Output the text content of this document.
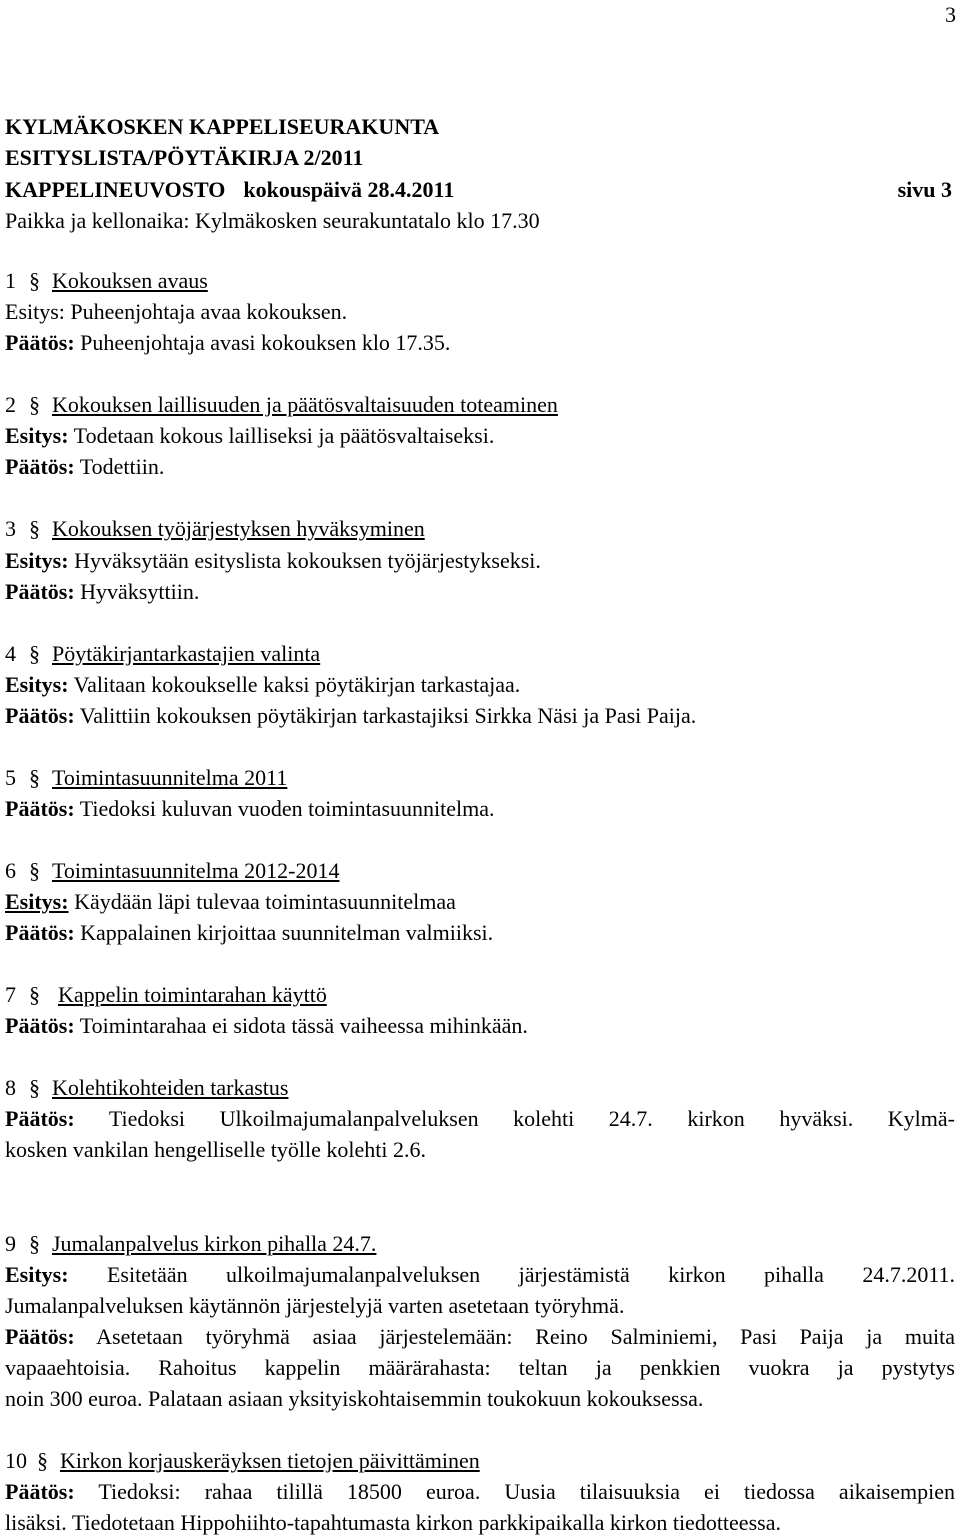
3
KYLMÄKOSKEN KAPPELISEURAKUNTA
ESITYSLISTA/PÖYTÄKIRJA 2/2011
KAPPELINEUVOSTO kokouspäivä 28.4.2011	sivu 3
Paikka ja kellonaika: Kylmäkosken seurakuntatalo klo 17.30
1 § Kokouksen avaus
Esitys: Puheenjohtaja avaa kokouksen.
Päätös: Puheenjohtaja avasi kokouksen klo 17.35.
2 § Kokouksen laillisuuden ja päätösvaltaisuuden toteaminen
Esitys: Todetaan kokous lailliseksi ja päätösvaltaiseksi.
Päätös: Todettiin.
3 § Kokouksen työjärjestyksen hyväksyminen
Esitys: Hyväksytään esityslista kokouksen työjärjestykseksi.
Päätös: Hyväksyttiin.
4 § Pöytäkirjantarkastajien valinta
Esitys: Valitaan kokoukselle kaksi pöytäkirjan tarkastajaa.
Päätös: Valittiin kokouksen pöytäkirjan tarkastajiksi Sirkka Näsi ja Pasi Paija.
5 § Toimintasuunnitelma 2011
Päätös: Tiedoksi kuluvan vuoden toimintasuunnitelma.
6 § Toimintasuunnitelma 2012-2014
Esitys: Käydään läpi tulevaa toimintasuunnitelmaa
Päätös: Kappalainen kirjoittaa suunnitelman valmiiksi.
7 § Kappelin toimintarahan käyttö
Päätös: Toimintarahaa ei sidota tässä vaiheessa mihinkään.
8 § Kolehtikohteiden tarkastus
Päätös: Tiedoksi Ulkoilmajumalanpalveluksen kolehti 24.7. kirkon hyväksi. Kylmä-
kosken vankilan hengelliselle työlle kolehti 2.6.
9 § Jumalanpalvelus kirkon pihalla 24.7.
Esitys: Esitetään ulkoilmajumalanpalveluksen järjestämistä kirkon pihalla 24.7.2011.
Jumalanpalveluksen käytännön järjestelyjä varten asetetaan työryhmä.
Päätös: Asetetaan työryhmä asiaa järjestelemään: Reino Salminiemi, Pasi Paija ja muita
vapaaehtoisia. Rahoitus kappelin määrärahasta: teltan ja penkkien vuokra ja pystytys
noin 300 euroa. Palataan asiaan yksityiskohtaisemmin toukokuun kokouksessa.
10 § Kirkon korjauskeräyksen tietojen päivittäminen
Päätös: Tiedoksi: rahaa tilillä 18500 euroa. Uusia tilaisuuksia ei tiedossa aikaisempien
lisäksi. Tiedotetaan Hippohiihto-tapahtumasta kirkon parkkipaikalla kirkon tiedotteessa.
